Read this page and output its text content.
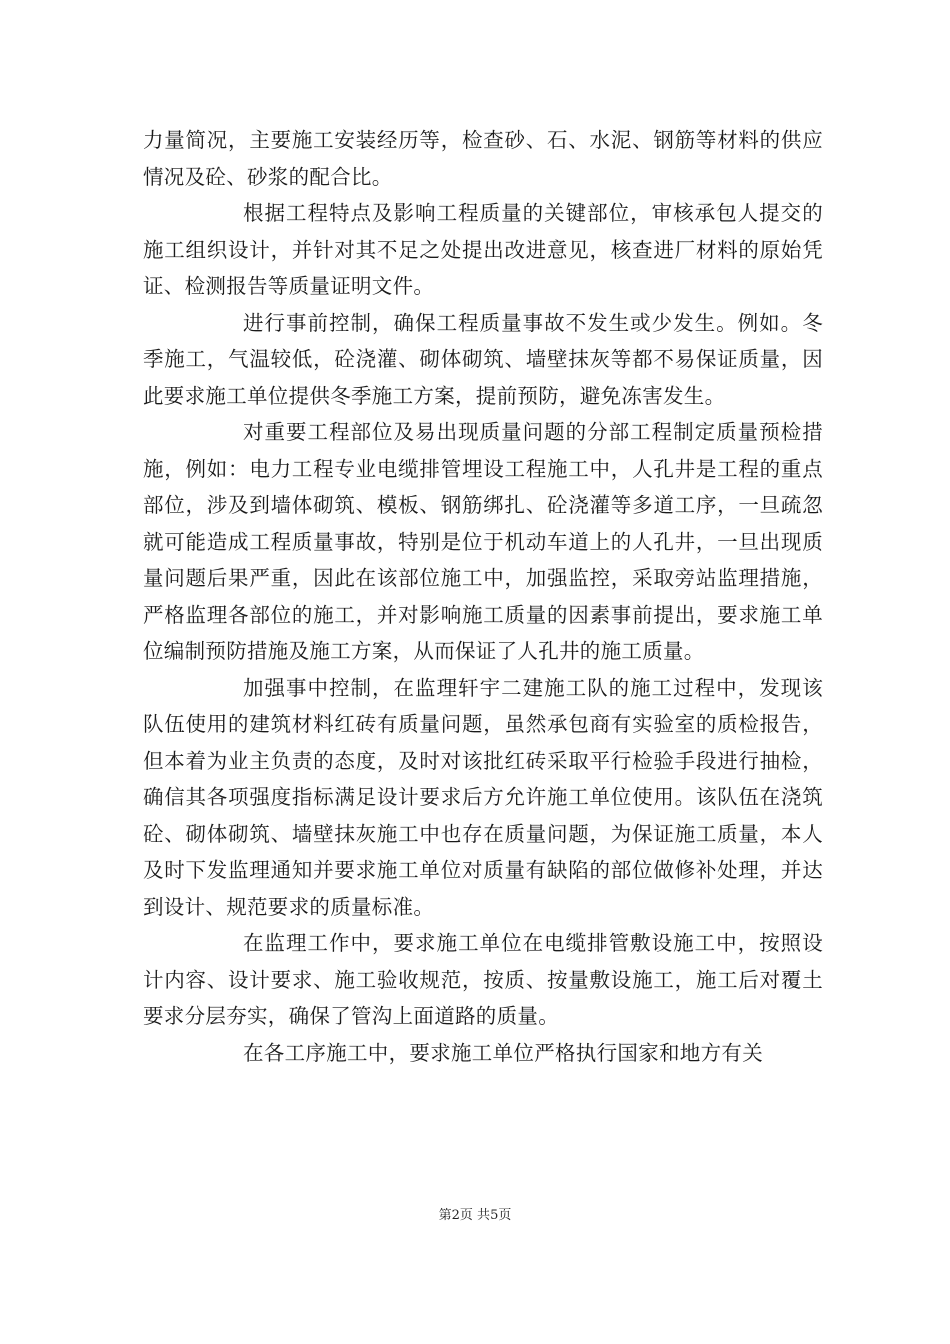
力量简况，主要施工安装经历等，检查砂、石、水泥、钢筋等材料的供应情况及砼、砂浆的配合比。

根据工程特点及影响工程质量的关键部位，审核承包人提交的施工组织设计，并针对其不足之处提出改进意见，核查进厂材料的原始凭证、检测报告等质量证明文件。

进行事前控制，确保工程质量事故不发生或少发生。例如。冬季施工，气温较低，砼浇灌、砌体砌筑、墙壁抹灰等都不易保证质量，因此要求施工单位提供冬季施工方案，提前预防，避免冻害发生。

对重要工程部位及易出现质量问题的分部工程制定质量预检措施，例如：电力工程专业电缆排管埋设工程施工中，人孔井是工程的重点部位，涉及到墙体砌筑、模板、钢筋绑扎、砼浇灌等多道工序，一旦疏忽就可能造成工程质量事故，特别是位于机动车道上的人孔井，一旦出现质量问题后果严重，因此在该部位施工中，加强监控，采取旁站监理措施，严格监理各部位的施工，并对影响施工质量的因素事前提出，要求施工单位编制预防措施及施工方案，从而保证了人孔井的施工质量。

加强事中控制，在监理轩宇二建施工队的施工过程中，发现该队伍使用的建筑材料红砖有质量问题，虽然承包商有实验室的质检报告，但本着为业主负责的态度，及时对该批红砖采取平行检验手段进行抽检，确信其各项强度指标满足设计要求后方允许施工单位使用。该队伍在浇筑砼、砌体砌筑、墙壁抹灰施工中也存在质量问题，为保证施工质量，本人及时下发监理通知并要求施工单位对质量有缺陷的部位做修补处理，并达到设计、规范要求的质量标准。

在监理工作中，要求施工单位在电缆排管敷设施工中，按照设计内容、设计要求、施工验收规范，按质、按量敷设施工，施工后对覆土要求分层夯实，确保了管沟上面道路的质量。

在各工序施工中，要求施工单位严格执行国家和地方有关

第2页 共5页
